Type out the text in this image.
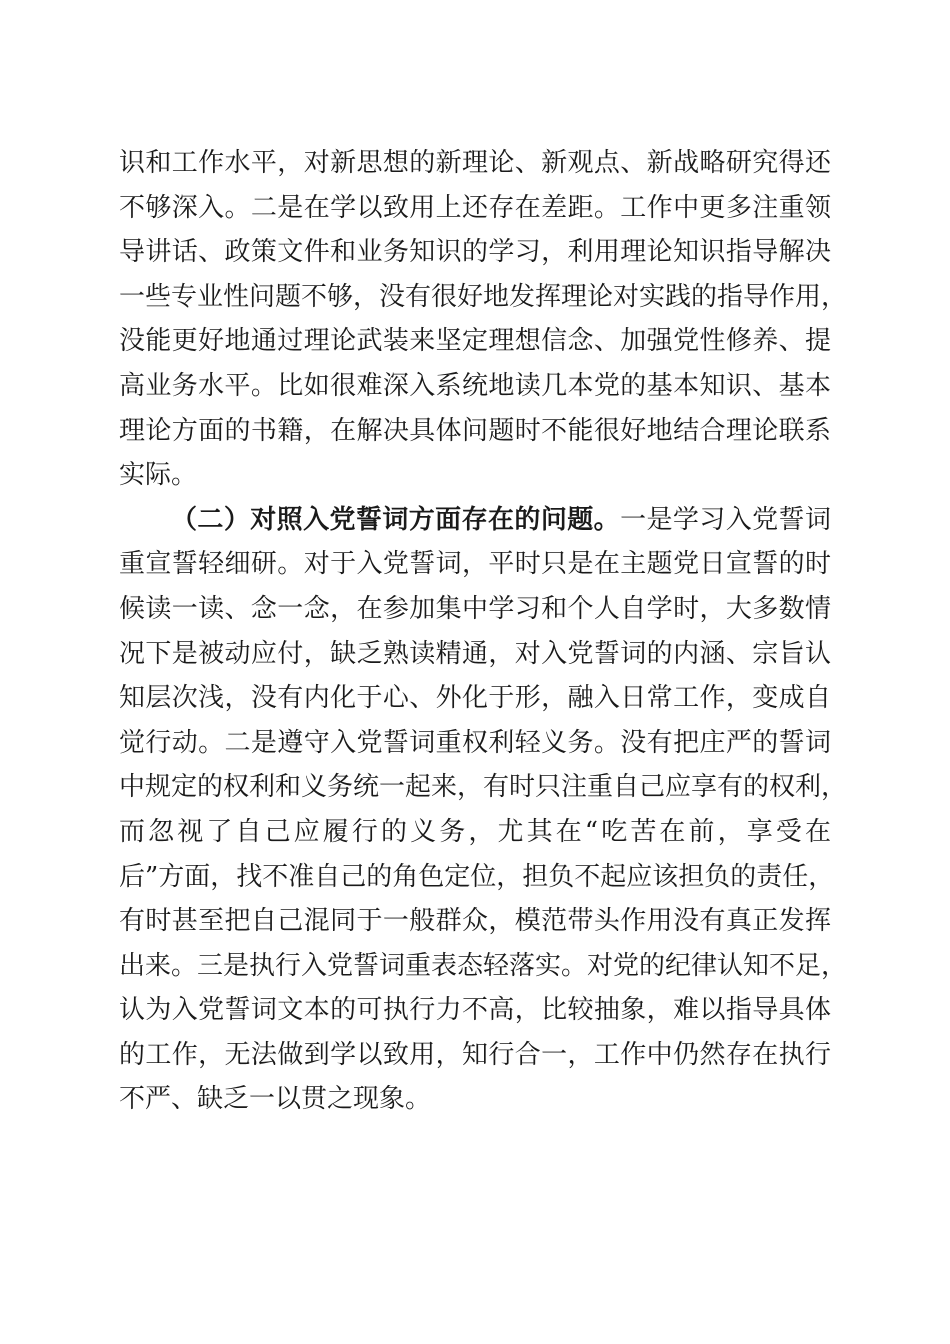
识和工作水平，对新思想的新理论、新观点、新战略研究得还
不够深入。二是在学以致用上还存在差距。工作中更多注重领
导讲话、政策文件和业务知识的学习，利用理论知识指导解决
一些专业性问题不够，没有很好地发挥理论对实践的指导作用，
没能更好地通过理论武装来坚定理想信念、加强党性修养、提
高业务水平。比如很难深入系统地读几本党的基本知识、基本
理论方面的书籍，在解决具体问题时不能很好地结合理论联系
实际。
（二）对照入党誓词方面存在的问题。一是学习入党誓词
重宣誓轻细研。对于入党誓词，平时只是在主题党日宣誓的时
候读一读、念一念，在参加集中学习和个人自学时，大多数情
况下是被动应付，缺乏熟读精通，对入党誓词的内涵、宗旨认
知层次浅，没有内化于心、外化于形，融入日常工作，变成自
觉行动。二是遵守入党誓词重权利轻义务。没有把庄严的誓词
中规定的权利和义务统一起来，有时只注重自己应享有的权利，
而忽视了自己应履行的义务，尤其在“吃苦在前，享受在
后”方面，找不准自己的角色定位，担负不起应该担负的责任，
有时甚至把自己混同于一般群众，模范带头作用没有真正发挥
出来。三是执行入党誓词重表态轻落实。对党的纪律认知不足，
认为入党誓词文本的可执行力不高，比较抽象，难以指导具体
的工作，无法做到学以致用，知行合一，工作中仍然存在执行
不严、缺乏一以贯之现象。
